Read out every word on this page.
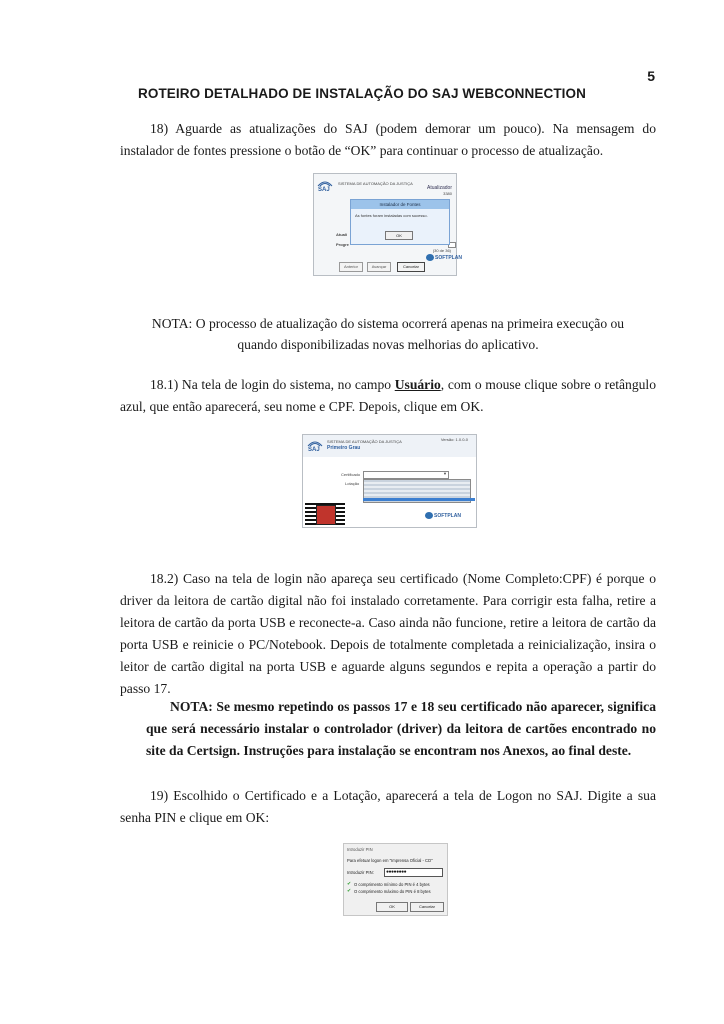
5
ROTEIRO DETALHADO DE INSTALAÇÃO DO SAJ WEBCONNECTION
18) Aguarde as atualizações do SAJ (podem demorar um pouco). Na mensagem do instalador de fontes pressione o botão de “OK” para continuar o processo de atualização.
SAJ
SISTEMA DE AUTOMAÇÃO DA JUSTIÇA
Atualizador
3380
Atuali
Progre
(30 de 36)
Instalador de Fontes
As fontes foram instaladas com sucesso.
OK
SOFTPLAN
Anterior	Avançar	Cancelar
NOTA: O processo de atualização do sistema ocorrerá apenas na primeira execução ou
quando disponibilizadas novas melhorias do aplicativo.
18.1) Na tela de login do sistema, no campo Usuário, com o mouse clique sobre o retângulo azul, que então aparecerá, seu nome e CPF. Depois, clique em OK.
SAJ
SISTEMA DE AUTOMAÇÃO DA JUSTIÇA
Primeiro Grau
Versão: 1.0.0-0
Certificado	▼
Lotação
SOFTPLAN
18.2) Caso na tela de login não apareça seu certificado (Nome Completo:CPF) é porque o driver da leitora de cartão digital não foi instalado corretamente. Para corrigir esta falha, retire a leitora de cartão da porta USB e reconecte-a. Caso ainda não funcione, retire a leitora de cartão da porta USB e reinicie o PC/Notebook. Depois de totalmente completada a reinicialização, insira o leitor de cartão digital na porta USB e aguarde alguns segundos e repita a operação a partir do passo 17.
NOTA: Se mesmo repetindo os passos 17 e 18 seu certificado não aparecer, significa que será necessário instalar o controlador (driver) da leitora de cartões encontrado no site da Certsign. Instruções para instalação se encontram nos Anexos, ao final deste.
19) Escolhido o Certificado e a Lotação, aparecerá a tela de Logon no SAJ. Digite a sua senha PIN e clique em OK:
Introduzir PIN
Para efetuar logon em "Imprensa Oficial - CD"
Introduzir PIN:	●●●●●●●●
✔ O comprimento mínimo do PIN é 4 bytes
✔ O comprimento máximo do PIN é 8 bytes
OK	Cancelar
